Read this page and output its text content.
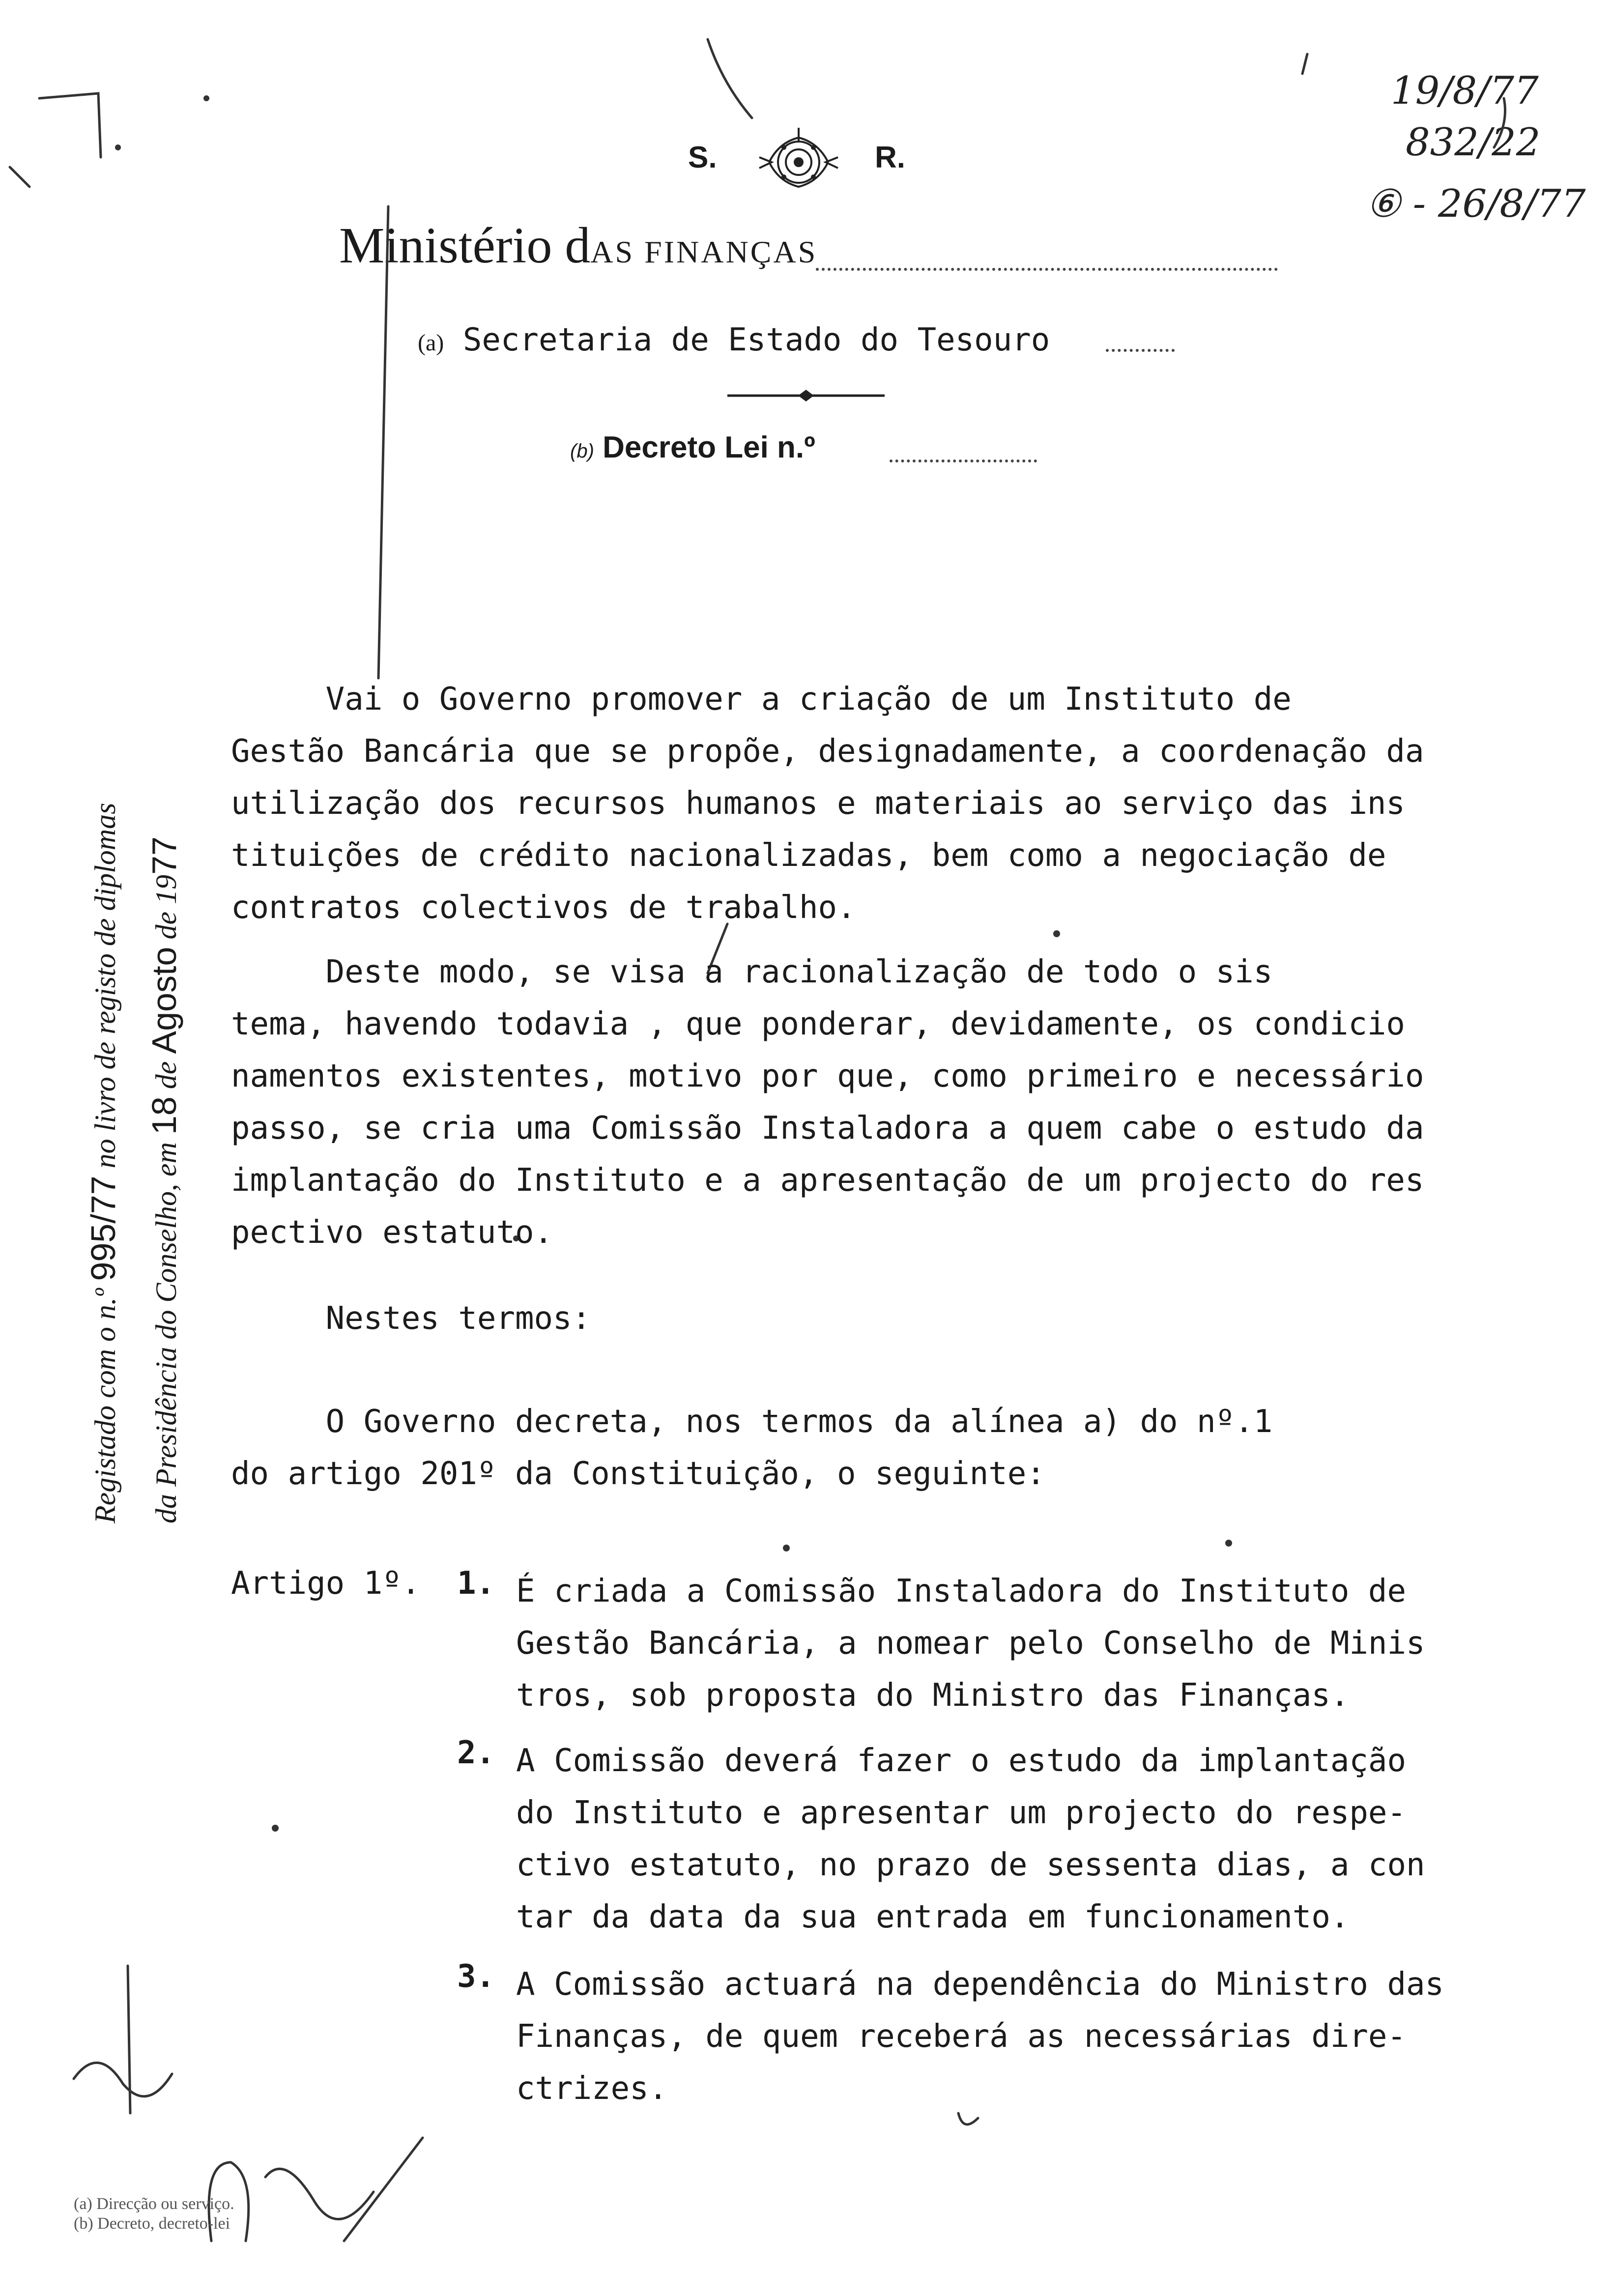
S.	R.
Ministério dAS FINANÇAS
(a) Secretaria de Estado do Tesouro
(b) Decreto Lei n.º
19/8/77
832/22
⑥ - 26/8/77
Registado com o n.º 995/77 no livro de registo de diplomas
da Presidência do Conselho, em 18 de Agosto de 1977
Vai o Governo promover a criação de um Instituto de
Gestão Bancária que se propõe, designadamente, a coordenação da
utilização dos recursos humanos e materiais ao serviço das ins
tituições de crédito nacionalizadas, bem como a negociação de
contratos colectivos de trabalho.
Deste modo, se visa a racionalização de todo o sis
tema, havendo todavia , que ponderar, devidamente, os condicio
namentos existentes, motivo por que, como primeiro e necessário
passo, se cria uma Comissão Instaladora a quem cabe o estudo da
implantação do Instituto e a apresentação de um projecto do res
pectivo estatuto.
Nestes termos:
O Governo decreta, nos termos da alínea a) do nº.1
do artigo 201º da Constituição, o seguinte:
Artigo 1º. 1. É criada a Comissão Instaladora do Instituto de
Gestão Bancária, a nomear pelo Conselho de Minis
tros, sob proposta do Ministro das Finanças.
2. A Comissão deverá fazer o estudo da implantação
do Instituto e apresentar um projecto do respe-
ctivo estatuto, no prazo de sessenta dias, a con
tar da data da sua entrada em funcionamento.
3. A Comissão actuará na dependência do Ministro das
Finanças, de quem receberá as necessárias dire-
ctrizes.
(a) Direcção ou serviço.
(b) Decreto, decreto-lei
